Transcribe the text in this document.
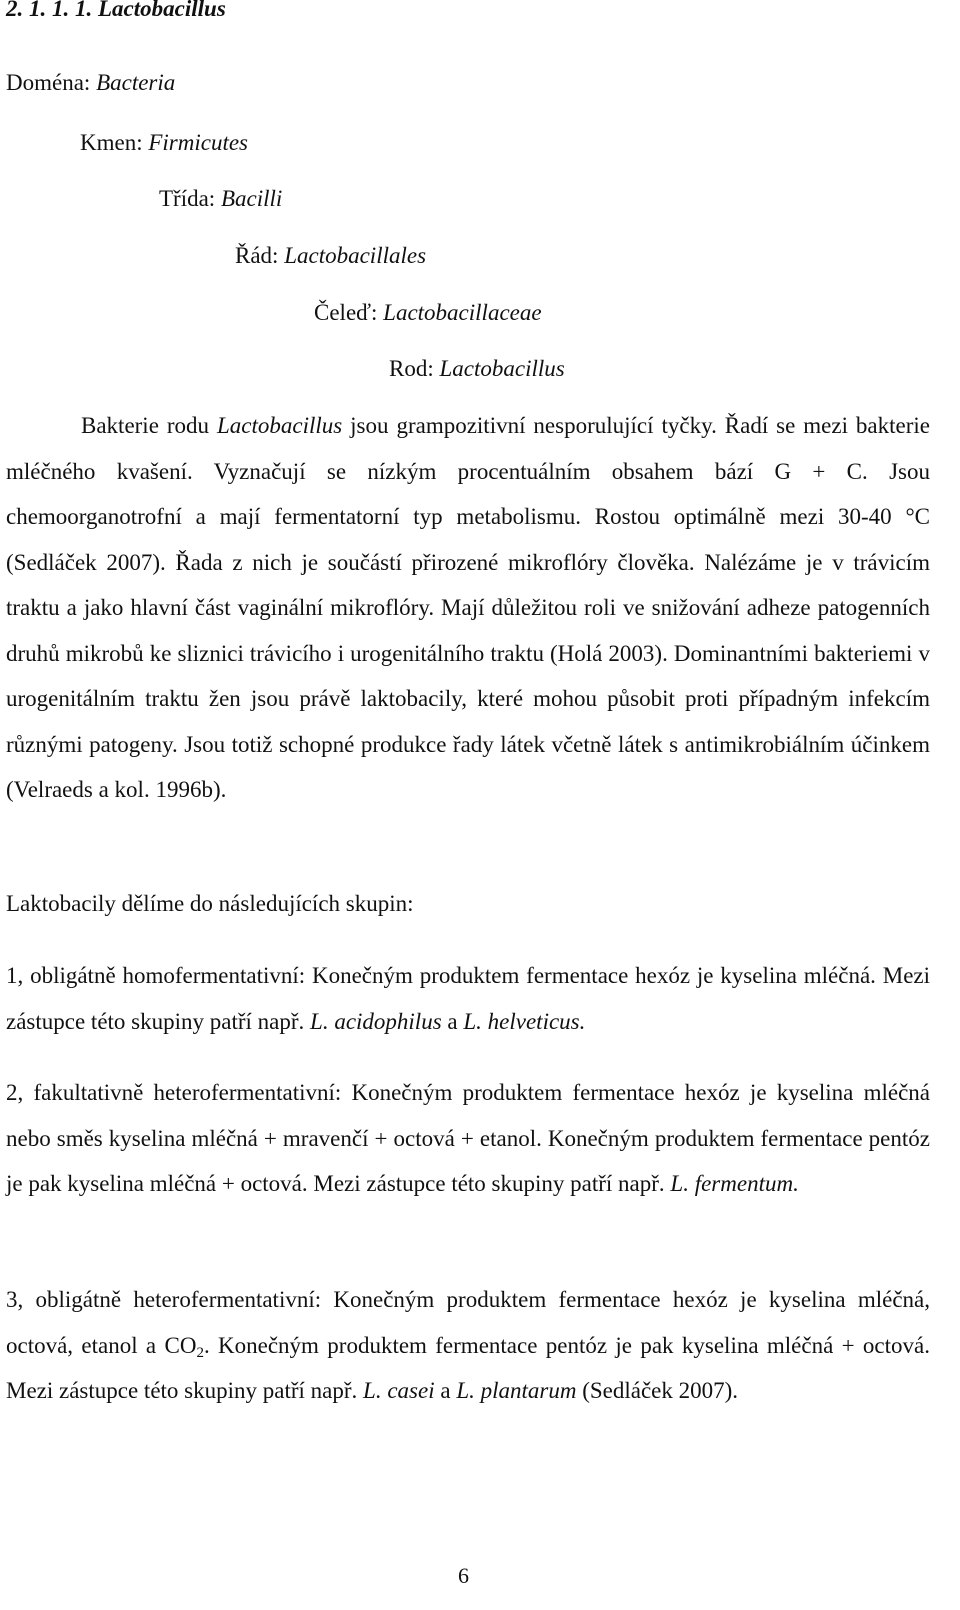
2. 1. 1. 1. Lactobacillus
Doména: Bacteria
Kmen: Firmicutes
Třída: Bacilli
Řád: Lactobacillales
Čeleď: Lactobacillaceae
Rod: Lactobacillus
Bakterie rodu Lactobacillus jsou grampozitivní nesporulující tyčky. Řadí se mezi bakterie mléčného kvašení. Vyznačují se nízkým procentuálním obsahem bází G + C. Jsou chemoorganotrofní a mají fermentatorní typ metabolismu. Rostou optimálně mezi 30-40 °C (Sedláček 2007). Řada z nich je součástí přirozené mikroflóry člověka. Nalézáme je v trávicím traktu a jako hlavní část vaginální mikroflóry. Mají důležitou roli ve snižování adheze patogenních druhů mikrobů ke sliznici trávicího i urogenitálního traktu (Holá 2003). Dominantními bakteriemi v urogenitálním traktu žen jsou právě laktobacily, které mohou působit proti případným infekcím různými patogeny. Jsou totiž schopné produkce řady látek včetně látek s antimikrobiálním účinkem (Velraeds a kol. 1996b).
Laktobacily dělíme do následujících skupin:
1, obligátně homofermentativní: Konečným produktem fermentace hexóz je kyselina mléčná. Mezi zástupce této skupiny patří např. L. acidophilus a L. helveticus.
2, fakultativně heterofermentativní: Konečným produktem fermentace hexóz je kyselina mléčná nebo směs kyselina mléčná + mravenčí + octová + etanol. Konečným produktem fermentace pentóz je pak kyselina mléčná + octová. Mezi zástupce této skupiny patří např. L. fermentum.
3, obligátně heterofermentativní: Konečným produktem fermentace hexóz je kyselina mléčná, octová, etanol a $CO_2$. Konečným produktem fermentace pentóz je pak kyselina mléčná + octová. Mezi zástupce této skupiny patří např. L. casei a L. plantarum (Sedláček 2007).
6
